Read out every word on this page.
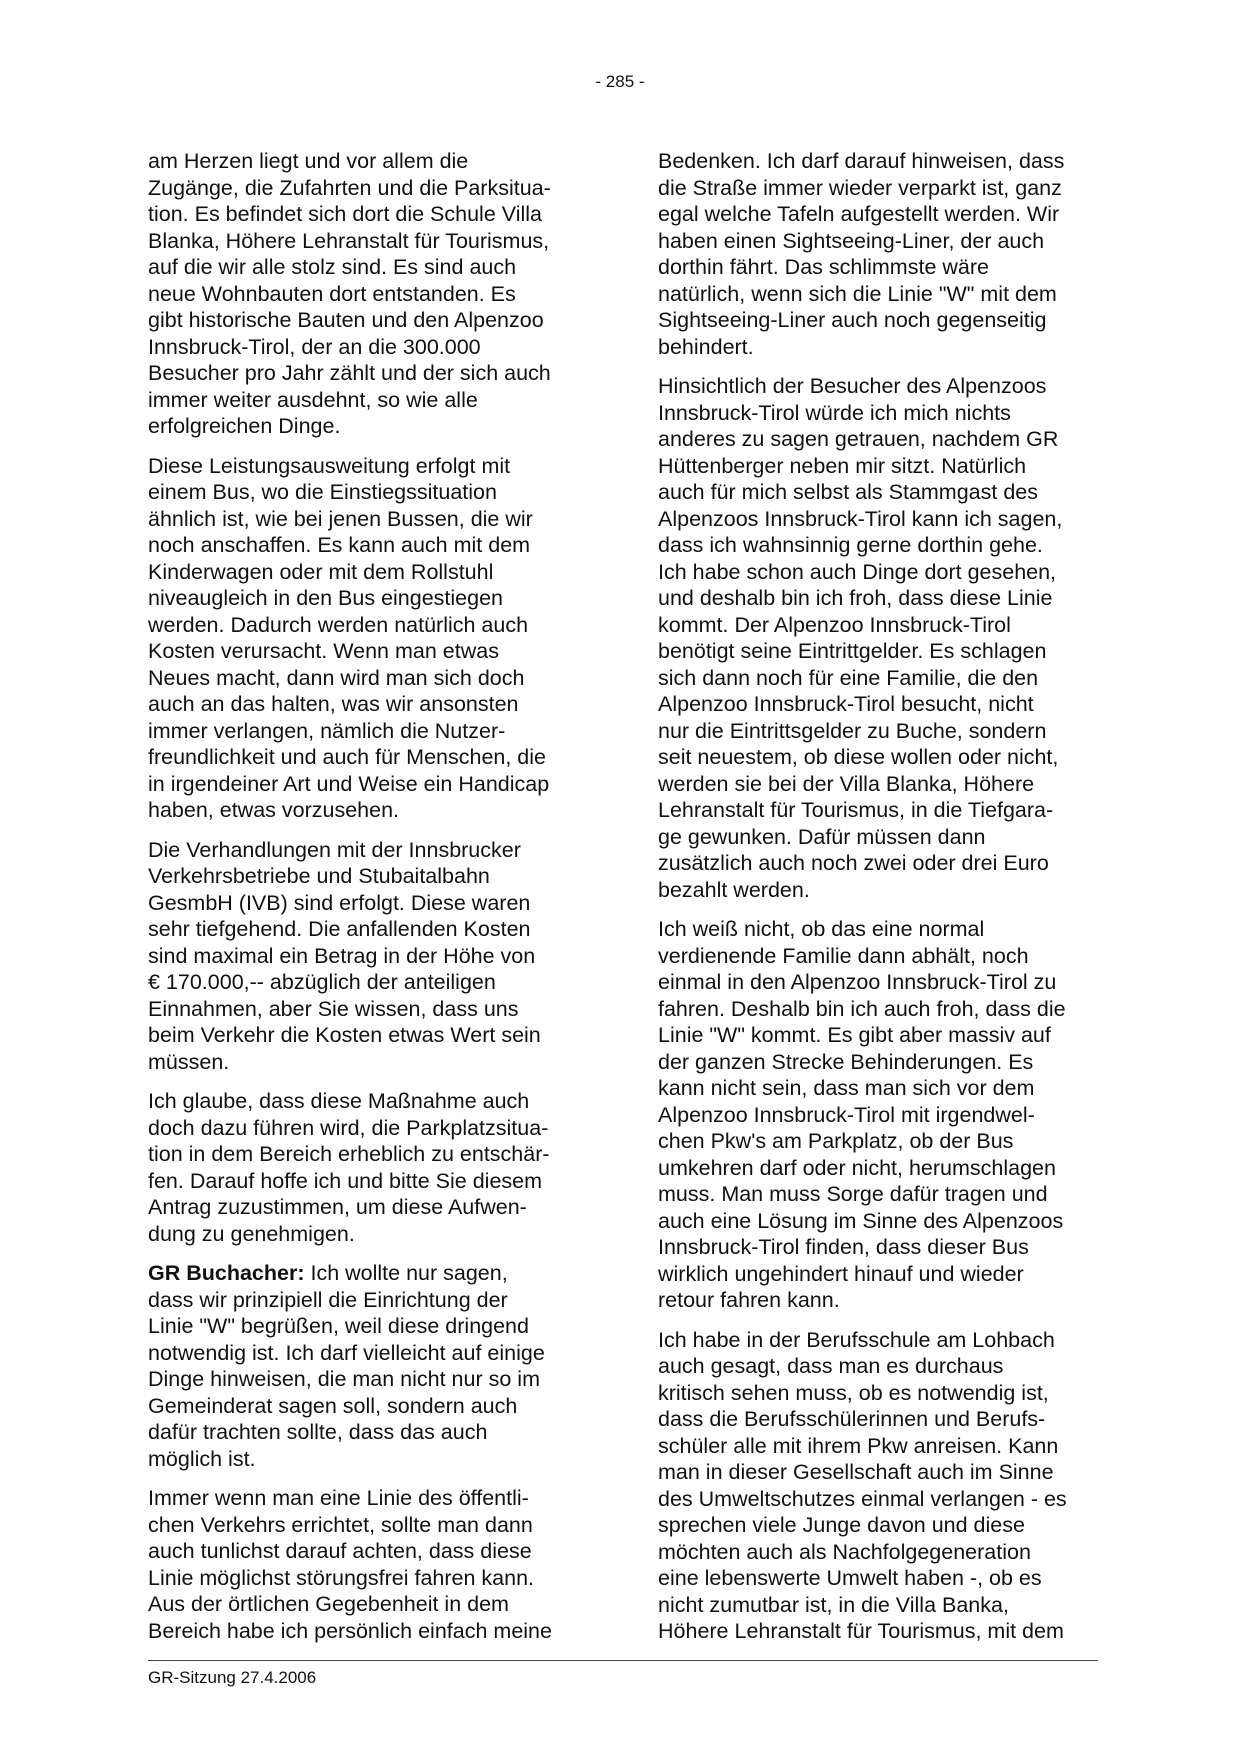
- 285 -

am Herzen liegt und vor allem die
Zugänge, die Zufahrten und die Parksitua-
tion. Es befindet sich dort die Schule Villa
Blanka, Höhere Lehranstalt für Tourismus,
auf die wir alle stolz sind. Es sind auch
neue Wohnbauten dort entstanden. Es
gibt historische Bauten und den Alpenzoo
Innsbruck-Tirol, der an die 300.000
Besucher pro Jahr zählt und der sich auch
immer weiter ausdehnt, so wie alle
erfolgreichen Dinge.

Diese Leistungsausweitung erfolgt mit
einem Bus, wo die Einstiegssituation
ähnlich ist, wie bei jenen Bussen, die wir
noch anschaffen. Es kann auch mit dem
Kinderwagen oder mit dem Rollstuhl
niveaugleich in den Bus eingestiegen
werden. Dadurch werden natürlich auch
Kosten verursacht. Wenn man etwas
Neues macht, dann wird man sich doch
auch an das halten, was wir ansonsten
immer verlangen, nämlich die Nutzer-
freundlichkeit und auch für Menschen, die
in irgendeiner Art und Weise ein Handicap
haben, etwas vorzusehen.

Die Verhandlungen mit der Innsbrucker
Verkehrsbetriebe und Stubaitalbahn
GesmbH (IVB) sind erfolgt. Diese waren
sehr tiefgehend. Die anfallenden Kosten
sind maximal ein Betrag in der Höhe von
€ 170.000,-- abzüglich der anteiligen
Einnahmen, aber Sie wissen, dass uns
beim Verkehr die Kosten etwas Wert sein
müssen.

Ich glaube, dass diese Maßnahme auch
doch dazu führen wird, die Parkplatzsitua-
tion in dem Bereich erheblich zu entschär-
fen. Darauf hoffe ich und bitte Sie diesem
Antrag zuzustimmen, um diese Aufwen-
dung zu genehmigen.

GR Buchacher: Ich wollte nur sagen,
dass wir prinzipiell die Einrichtung der
Linie "W" begrüßen, weil diese dringend
notwendig ist. Ich darf vielleicht auf einige
Dinge hinweisen, die man nicht nur so im
Gemeinderat sagen soll, sondern auch
dafür trachten sollte, dass das auch
möglich ist.

Immer wenn man eine Linie des öffentli-
chen Verkehrs errichtet, sollte man dann
auch tunlichst darauf achten, dass diese
Linie möglichst störungsfrei fahren kann.
Aus der örtlichen Gegebenheit in dem
Bereich habe ich persönlich einfach meine

Bedenken. Ich darf darauf hinweisen, dass
die Straße immer wieder verparkt ist, ganz
egal welche Tafeln aufgestellt werden. Wir
haben einen Sightseeing-Liner, der auch
dorthin fährt. Das schlimmste wäre
natürlich, wenn sich die Linie "W" mit dem
Sightseeing-Liner auch noch gegenseitig
behindert.

Hinsichtlich der Besucher des Alpenzoos
Innsbruck-Tirol würde ich mich nichts
anderes zu sagen getrauen, nachdem GR
Hüttenberger neben mir sitzt. Natürlich
auch für mich selbst als Stammgast des
Alpenzoos Innsbruck-Tirol kann ich sagen,
dass ich wahnsinnig gerne dorthin gehe.
Ich habe schon auch Dinge dort gesehen,
und deshalb bin ich froh, dass diese Linie
kommt. Der Alpenzoo Innsbruck-Tirol
benötigt seine Eintrittgelder. Es schlagen
sich dann noch für eine Familie, die den
Alpenzoo Innsbruck-Tirol besucht, nicht
nur die Eintrittsgelder zu Buche, sondern
seit neuestem, ob diese wollen oder nicht,
werden sie bei der Villa Blanka, Höhere
Lehranstalt für Tourismus, in die Tiefgara-
ge gewunken. Dafür müssen dann
zusätzlich auch noch zwei oder drei Euro
bezahlt werden.

Ich weiß nicht, ob das eine normal
verdienende Familie dann abhält, noch
einmal in den Alpenzoo Innsbruck-Tirol zu
fahren. Deshalb bin ich auch froh, dass die
Linie "W" kommt. Es gibt aber massiv auf
der ganzen Strecke Behinderungen. Es
kann nicht sein, dass man sich vor dem
Alpenzoo Innsbruck-Tirol mit irgendwel-
chen Pkw's am Parkplatz, ob der Bus
umkehren darf oder nicht, herumschlagen
muss. Man muss Sorge dafür tragen und
auch eine Lösung im Sinne des Alpenzoos
Innsbruck-Tirol finden, dass dieser Bus
wirklich ungehindert hinauf und wieder
retour fahren kann.

Ich habe in der Berufsschule am Lohbach
auch gesagt, dass man es durchaus
kritisch sehen muss, ob es notwendig ist,
dass die Berufsschülerinnen und Berufs-
schüler alle mit ihrem Pkw anreisen. Kann
man in dieser Gesellschaft auch im Sinne
des Umweltschutzes einmal verlangen - es
sprechen viele Junge davon und diese
möchten auch als Nachfolgegeneration
eine lebenswerte Umwelt haben -, ob es
nicht zumutbar ist, in die Villa Banka,
Höhere Lehranstalt für Tourismus, mit dem

GR-Sitzung 27.4.2006
